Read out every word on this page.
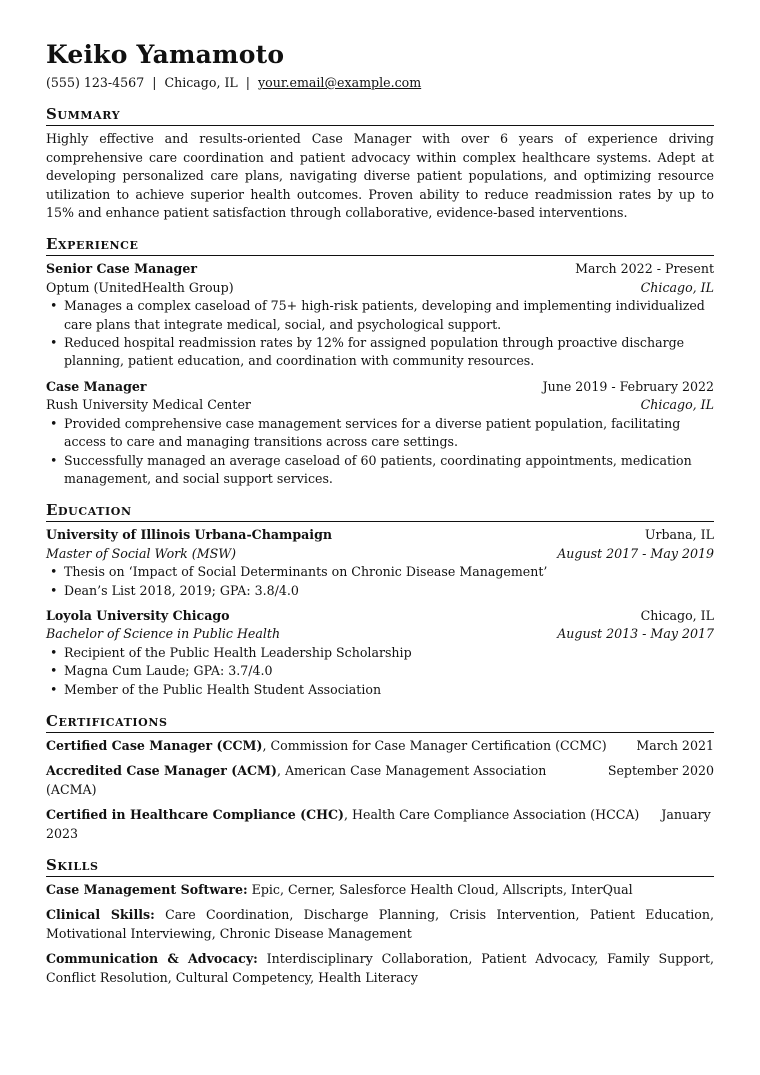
Keiko Yamamoto
(555) 123-4567 | Chicago, IL | your.email@example.com
Summary

Highly effective and results-oriented Case Manager with over 6 years of experience driving comprehensive care coordination and patient advocacy within complex healthcare systems. Adept at developing personalized care plans, navigating diverse patient populations, and optimizing resource utilization to achieve superior health outcomes. Proven ability to reduce readmission rates by up to 15% and enhance patient satisfaction through collaborative, evidence-based interventions.

Experience
Senior Case Manager	March 2022 - Present
Optum (UnitedHealth Group)	Chicago, IL
• Manages a complex caseload of 75+ high-risk patients, developing and implementing individualized care plans that integrate medical, social, and psychological support.
• Reduced hospital readmission rates by 12% for assigned population through proactive discharge planning, patient education, and coordination with community resources.
Case Manager	June 2019 - February 2022
Rush University Medical Center	Chicago, IL
• Provided comprehensive case management services for a diverse patient population, facilitating access to care and managing transitions across care settings.
• Successfully managed an average caseload of 60 patients, coordinating appointments, medication management, and social support services.
Education
University of Illinois Urbana-Champaign	Urbana, IL
Master of Social Work (MSW)	August 2017 - May 2019
• Thesis on ‘Impact of Social Determinants on Chronic Disease Management’
• Dean’s List 2018, 2019; GPA: 3.8/4.0
Loyola University Chicago	Chicago, IL
Bachelor of Science in Public Health	August 2013 - May 2017
• Recipient of the Public Health Leadership Scholarship
• Magna Cum Laude; GPA: 3.7/4.0
• Member of the Public Health Student Association
Certifications
Certified Case Manager (CCM), Commission for Case Manager Certification (CCMC)	March 2021
Accredited Case Manager (ACM), American Case Management Association (ACMA)
September 2020
Certified in Healthcare Compliance (CHC), Health Care Compliance Association (HCCA) January 2023
Skills
Case Management Software: Epic, Cerner, Salesforce Health Cloud, Allscripts, InterQual
Clinical Skills: Care Coordination, Discharge Planning, Crisis Intervention, Patient Education, Motivational Interviewing, Chronic Disease Management
Communication & Advocacy: Interdisciplinary Collaboration, Patient Advocacy, Family Support, Conflict Resolution, Cultural Competency, Health Literacy
